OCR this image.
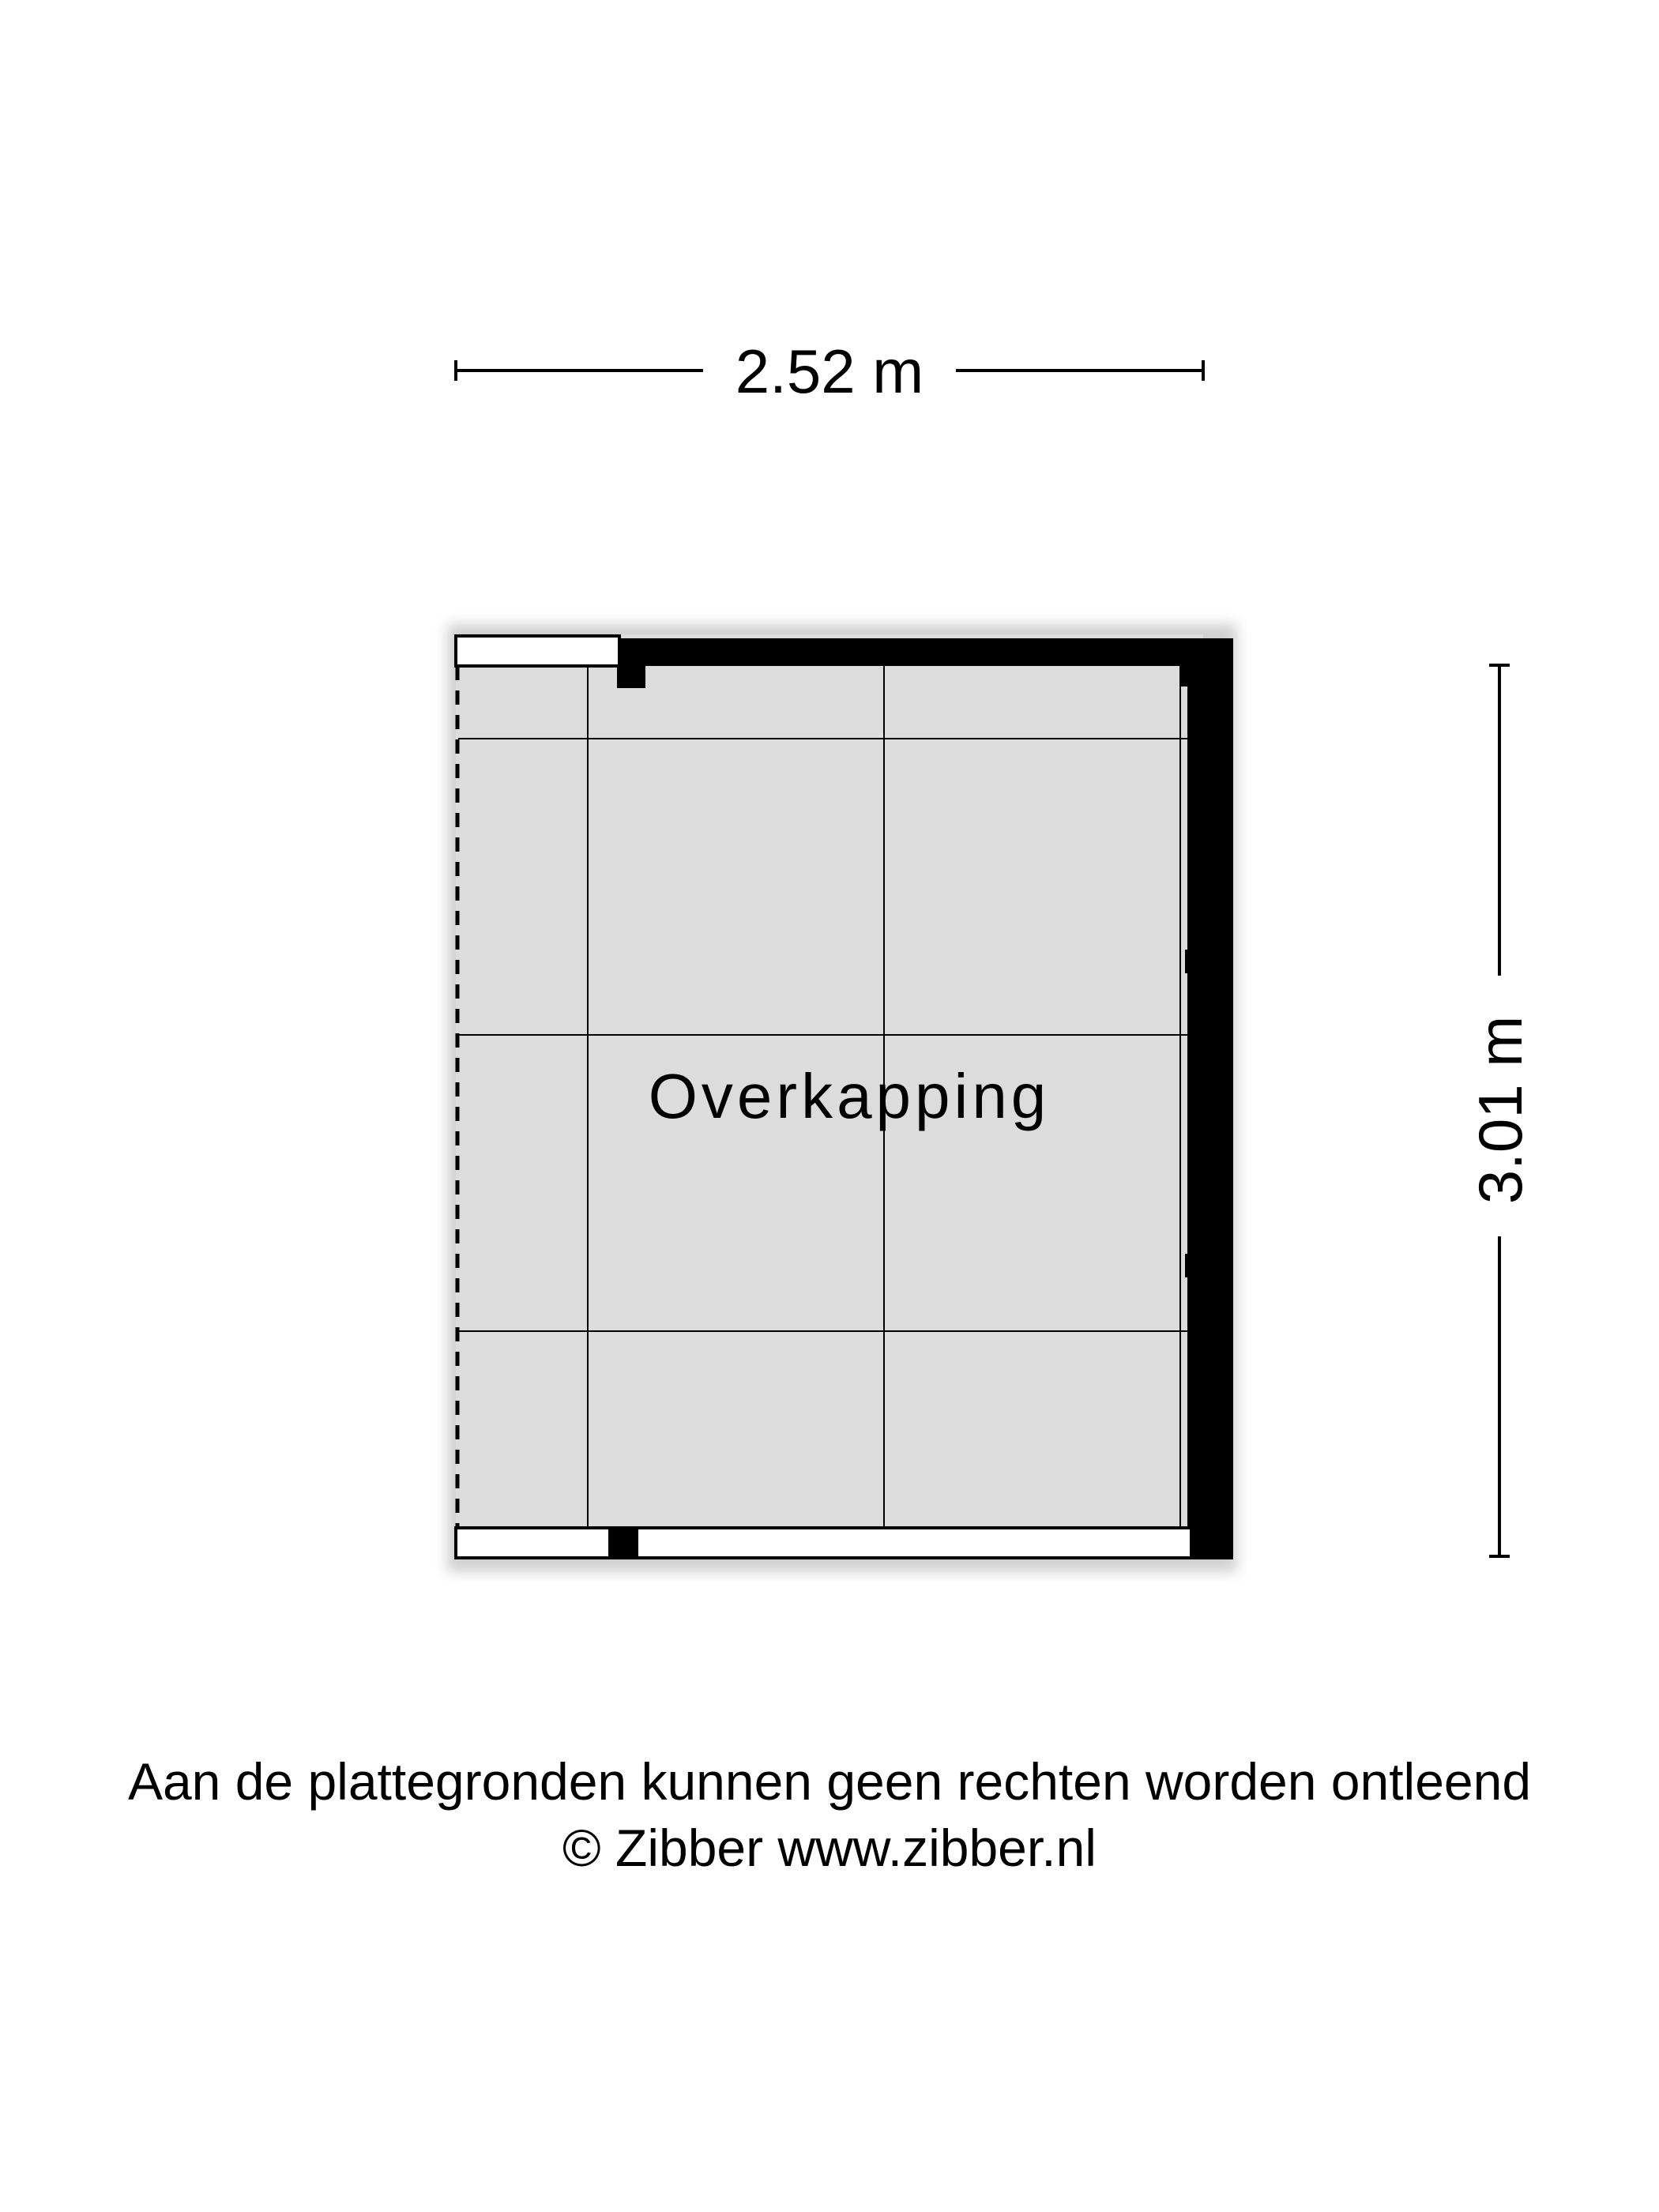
2.52 m
3.01 m
Overkapping
Aan de plattegronden kunnen geen rechten worden ontleend
© Zibber www.zibber.nl
